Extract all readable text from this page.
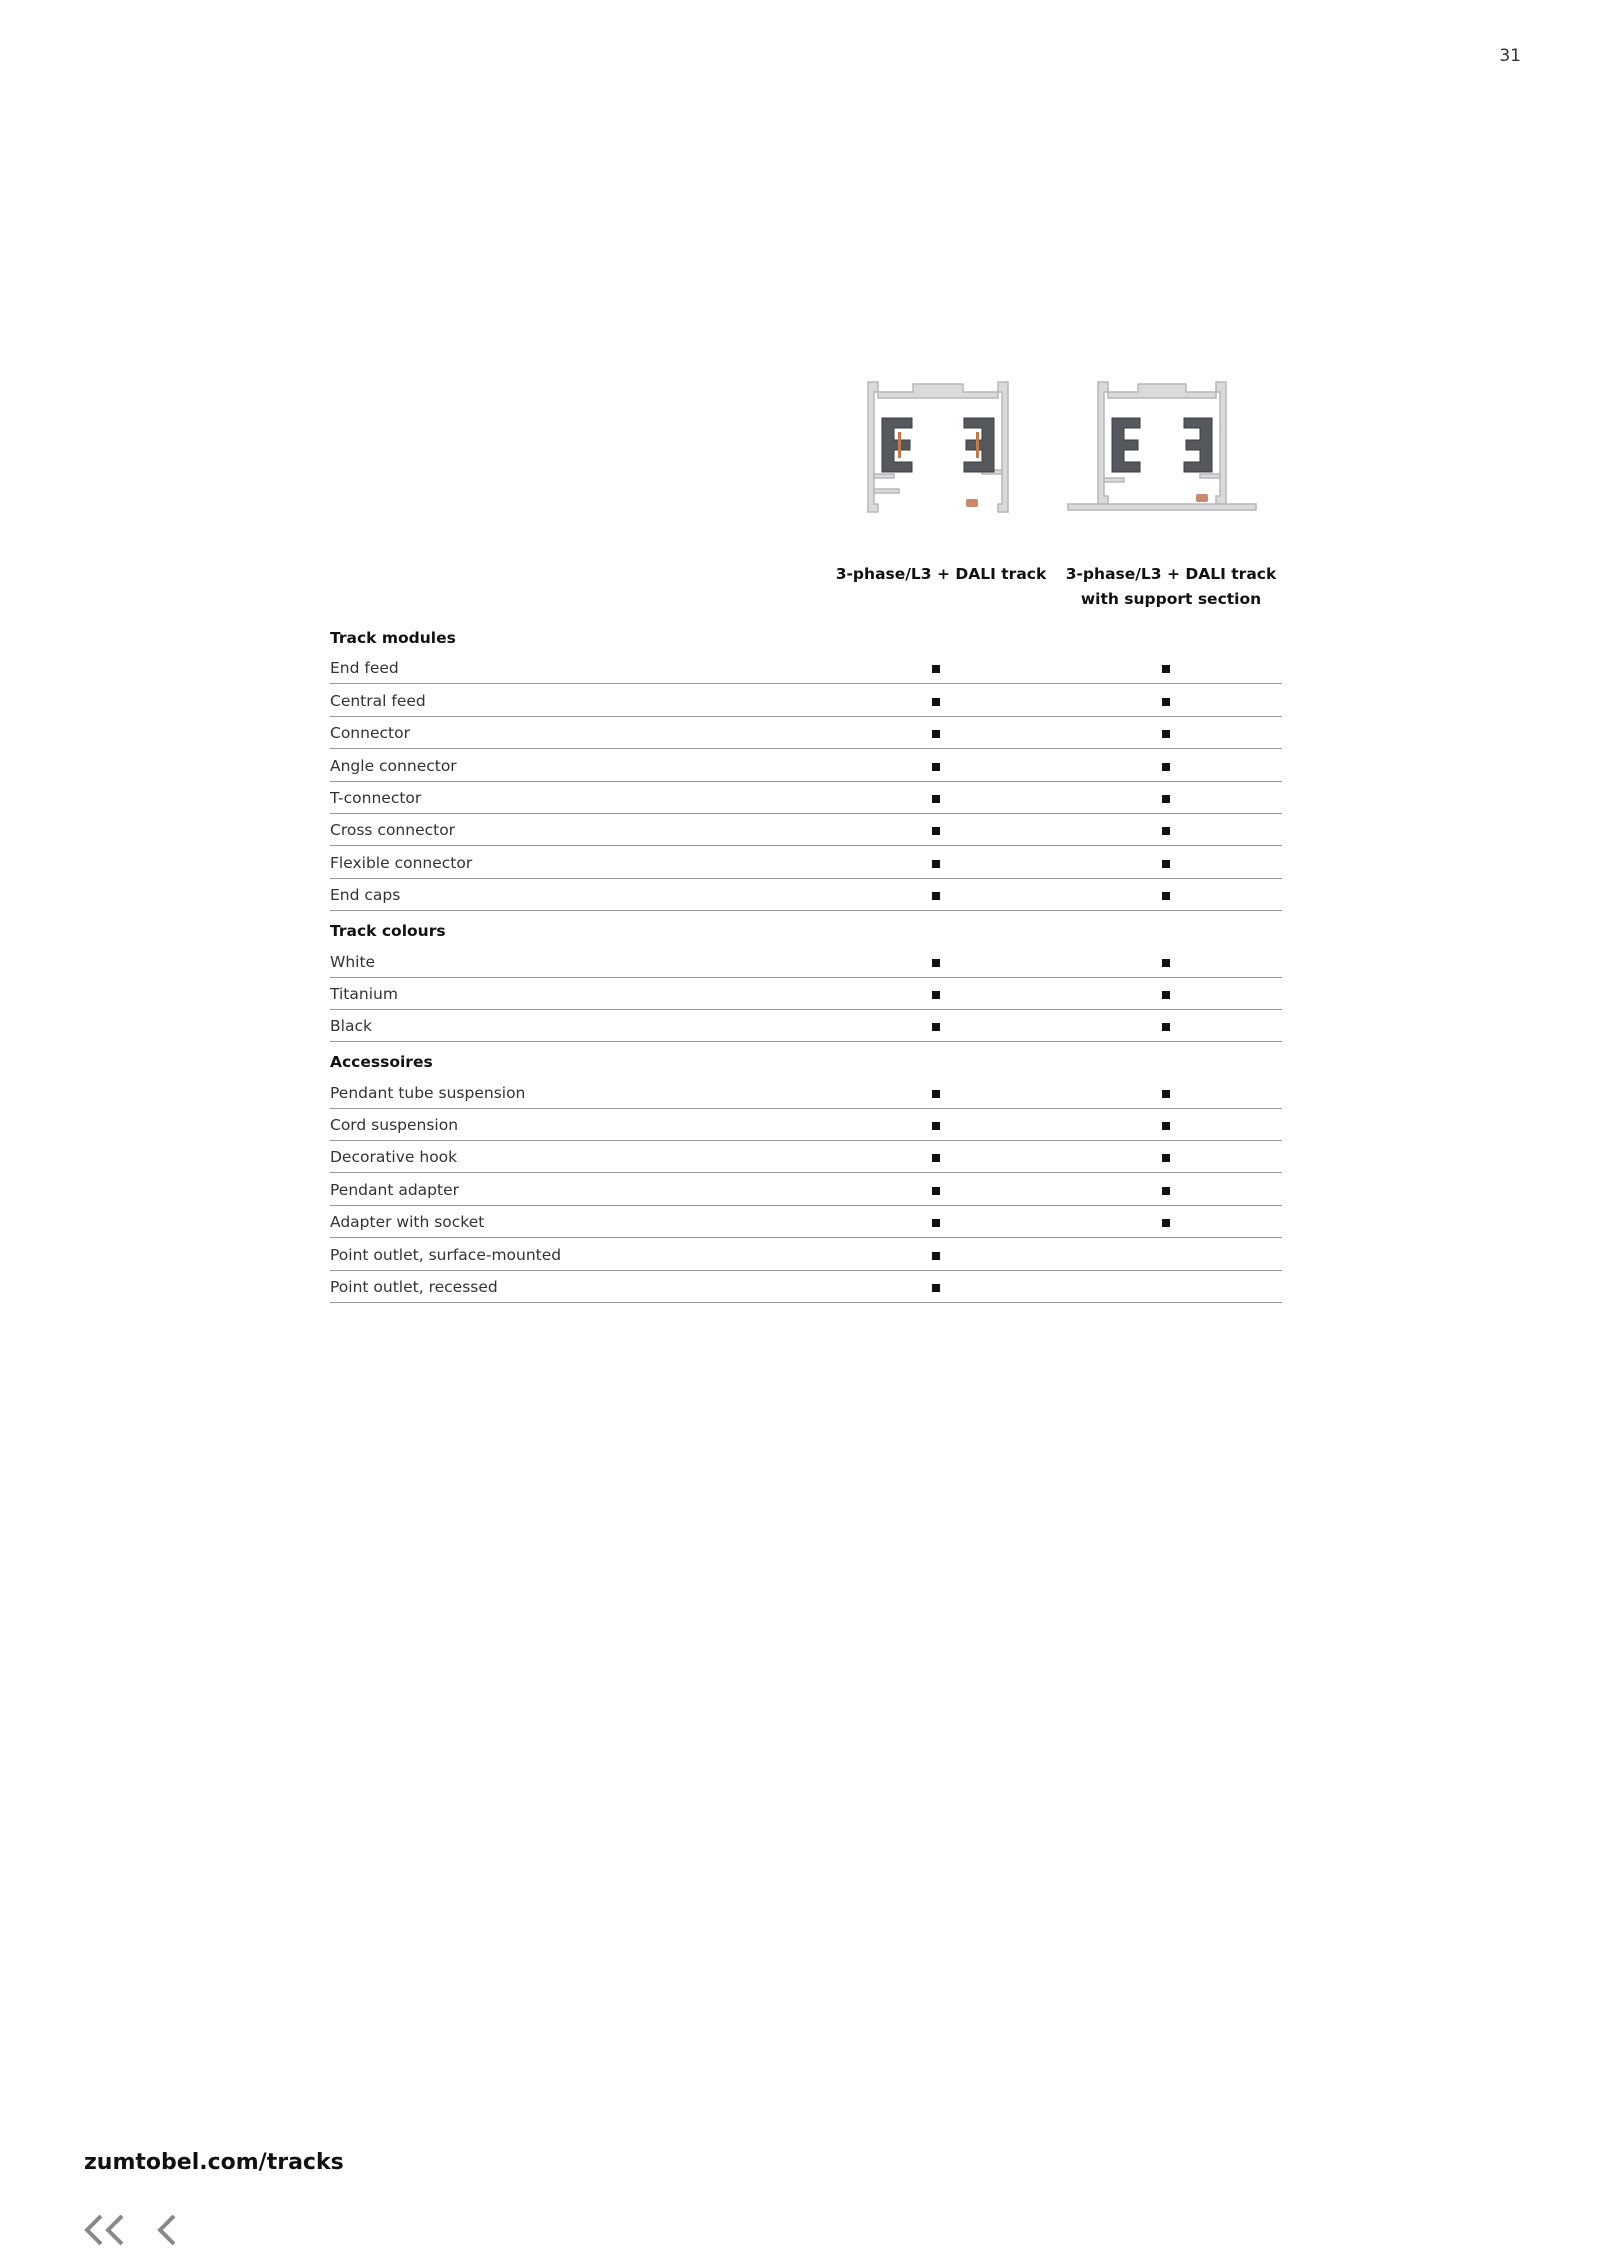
31
3-phase/L3 + DALI track	3-phase/L3 + DALI track with support section
Track modules
End feed
Central feed
Connector
Angle connector
T-connector
Cross connector
Flexible connector
End caps
Track colours
White
Titanium
Black
Accessoires
Pendant tube suspension
Cord suspension
Decorative hook
Pendant adapter
Adapter with socket
Point outlet, surface-mounted
Point outlet, recessed
zumtobel.com/tracks
